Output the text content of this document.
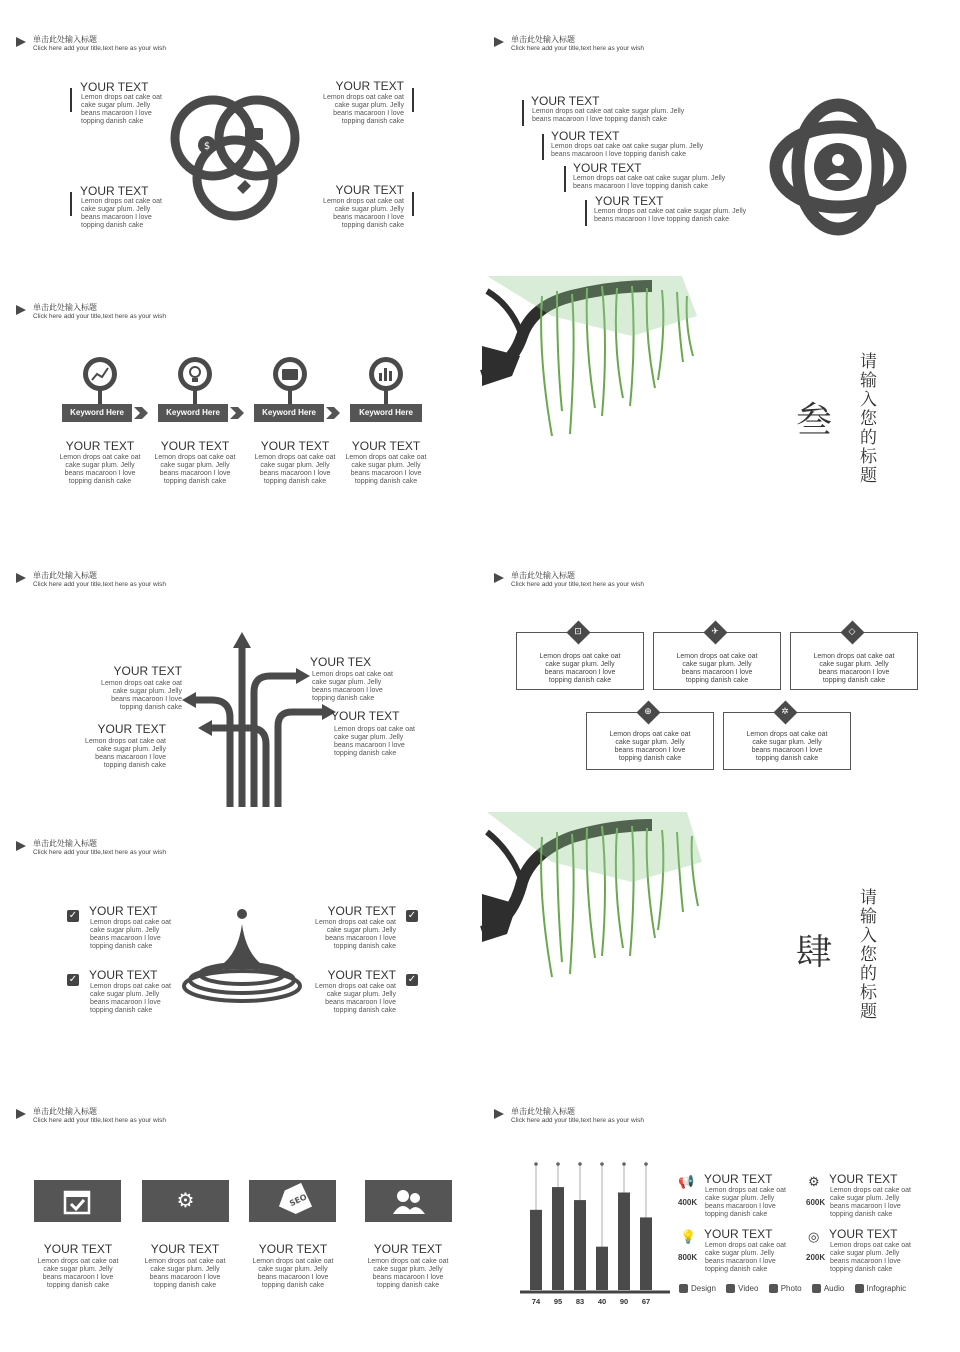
单击此处输入标题
Click here add your title,text here as your wish
YOUR TEXT
Lemon drops oat cake oat
cake sugar plum. Jelly
beans macaroon I love
topping danish cake
YOUR TEXT
Lemon drops oat cake oat
cake sugar plum. Jelly
beans macaroon I love
topping danish cake
YOUR TEXT
Lemon drops oat cake oat
cake sugar plum. Jelly
beans macaroon I love
topping danish cake
YOUR TEXT
Lemon drops oat cake oat
cake sugar plum. Jelly
beans macaroon I love
topping danish cake
$
单击此处输入标题
Click here add your title,text here as your wish
YOUR TEXT
Lemon drops oat cake oat cake sugar plum. Jelly
beans macaroon I love topping danish cake
YOUR TEXT
Lemon drops oat cake oat cake sugar plum. Jelly
beans macaroon I love topping danish cake
YOUR TEXT
Lemon drops oat cake oat cake sugar plum. Jelly
beans macaroon I love topping danish cake
YOUR TEXT
Lemon drops oat cake oat cake sugar plum. Jelly
beans macaroon I love topping danish cake
单击此处输入标题
Click here add your title,text here as your wish
Keyword Here	Keyword Here	Keyword Here	Keyword Here
YOUR TEXT	YOUR TEXT	YOUR TEXT	YOUR TEXT
Lemon drops oat cake oat
cake sugar plum. Jelly
beans macaroon I love
topping danish cake
Lemon drops oat cake oat
cake sugar plum. Jelly
beans macaroon I love
topping danish cake
Lemon drops oat cake oat
cake sugar plum. Jelly
beans macaroon I love
topping danish cake
Lemon drops oat cake oat
cake sugar plum. Jelly
beans macaroon I love
topping danish cake
叁 请输入您的标题
单击此处输入标题
Click here add your title,text here as your wish
YOUR TEXT
Lemon drops oat cake oat
cake sugar plum. Jelly
beans macaroon I love
topping danish cake
YOUR TEX
Lemon drops oat cake oat
cake sugar plum. Jelly
beans macaroon I love
topping danish cake
YOUR TEXT
Lemon drops oat cake oat
cake sugar plum. Jelly
beans macaroon I love
topping danish cake
YOUR TEXT
Lemon drops oat cake oat
cake sugar plum. Jelly
beans macaroon I love
topping danish cake
单击此处输入标题
Click here add your title,text here as your wish
Lemon drops oat cake oat
cake sugar plum. Jelly
beans macaroon I love
topping danish cake
Lemon drops oat cake oat
cake sugar plum. Jelly
beans macaroon I love
topping danish cake
Lemon drops oat cake oat
cake sugar plum. Jelly
beans macaroon I love
topping danish cake
Lemon drops oat cake oat
cake sugar plum. Jelly
beans macaroon I love
topping danish cake
Lemon drops oat cake oat
cake sugar plum. Jelly
beans macaroon I love
topping danish cake
⊡	✈	◇
⊕	✲
单击此处输入标题
Click here add your title,text here as your wish
✓
✓
✓
✓
YOUR TEXT
Lemon drops oat cake oat
cake sugar plum. Jelly
beans macaroon I love
topping danish cake
YOUR TEXT
Lemon drops oat cake oat
cake sugar plum. Jelly
beans macaroon I love
topping danish cake
YOUR TEXT
Lemon drops oat cake oat
cake sugar plum. Jelly
beans macaroon I love
topping danish cake
YOUR TEXT
Lemon drops oat cake oat
cake sugar plum. Jelly
beans macaroon I love
topping danish cake
肆 请输入您的标题
单击此处输入标题
Click here add your title,text here as your wish
⚙	SEO
YOUR TEXT	YOUR TEXT	YOUR TEXT	YOUR TEXT
Lemon drops oat cake oat
cake sugar plum. Jelly
beans macaroon I love
topping danish cake
Lemon drops oat cake oat
cake sugar plum. Jelly
beans macaroon I love
topping danish cake
Lemon drops oat cake oat
cake sugar plum. Jelly
beans macaroon I love
topping danish cake
Lemon drops oat cake oat
cake sugar plum. Jelly
beans macaroon I love
topping danish cake
单击此处输入标题
Click here add your title,text here as your wish
74 95 83 40 90 67
📢
400K
YOUR TEXT
Lemon drops oat cake oat
cake sugar plum. Jelly
beans macaroon I love
topping danish cake
⚙
600K
YOUR TEXT
Lemon drops oat cake oat
cake sugar plum. Jelly
beans macaroon I love
topping danish cake
💡
800K
YOUR TEXT
Lemon drops oat cake oat
cake sugar plum. Jelly
beans macaroon I love
topping danish cake
◎
200K
YOUR TEXT
Lemon drops oat cake oat
cake sugar plum. Jelly
beans macaroon I love
topping danish cake
Design	Video	Photo	Audio	Infographic
